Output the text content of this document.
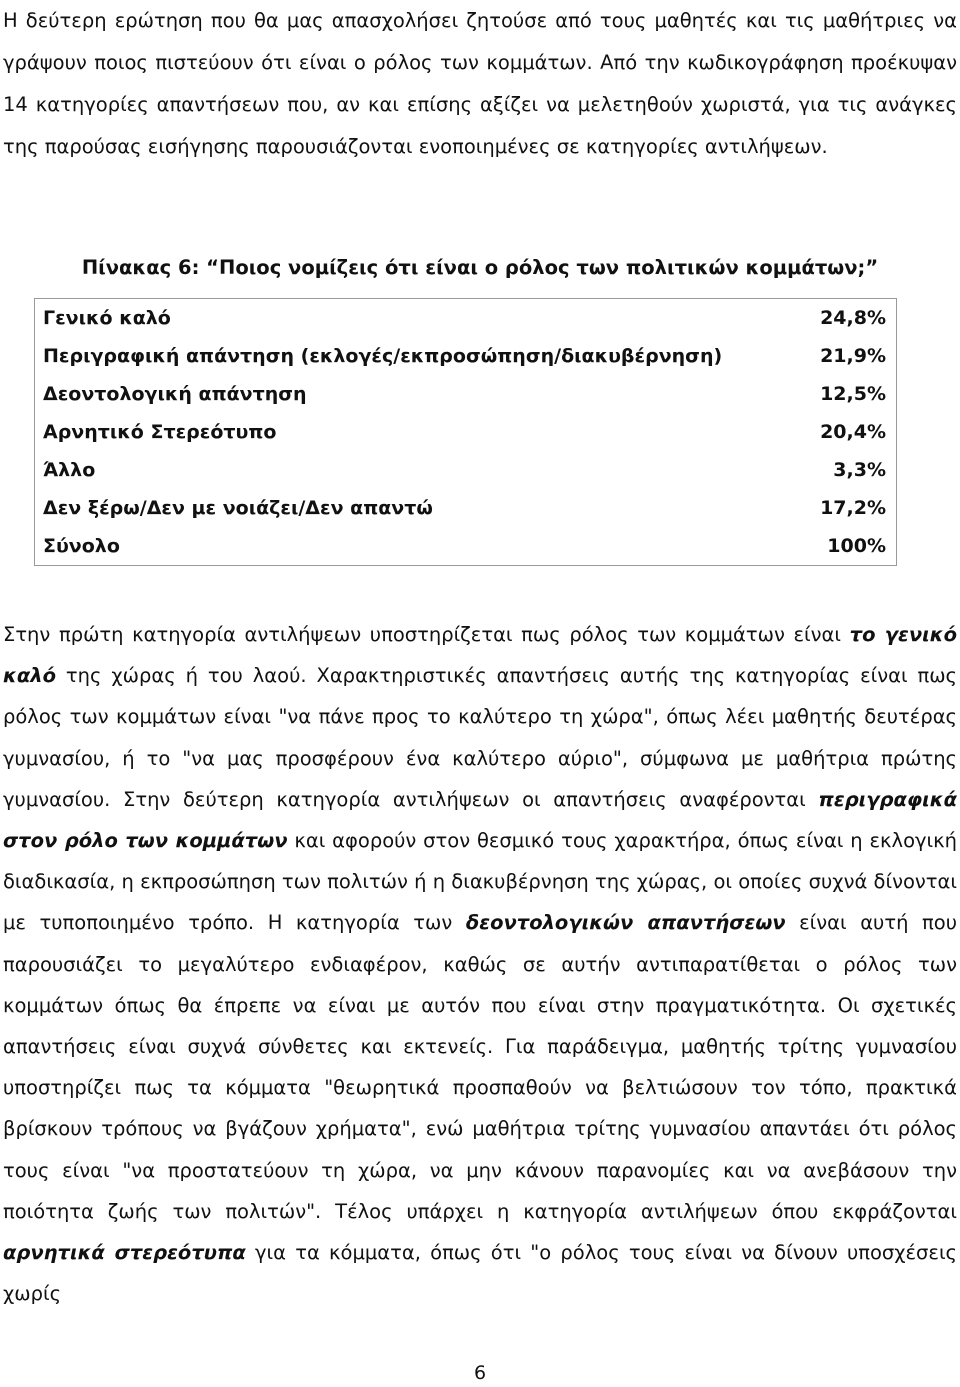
Η δεύτερη ερώτηση που θα μας απασχολήσει ζητούσε από τους μαθητές και τις μαθήτριες να γράψουν ποιος πιστεύουν ότι είναι ο ρόλος των κομμάτων. Από την κωδικογράφηση προέκυψαν 14 κατηγορίες απαντήσεων που, αν και επίσης αξίζει να μελετηθούν χωριστά, για τις ανάγκες της παρούσας εισήγησης παρουσιάζονται ενοποιημένες σε κατηγορίες αντιλήψεων.

Πίνακας 6: “Ποιος νομίζεις ότι είναι ο ρόλος των πολιτικών κομμάτων;”
Γενικό καλό	24,8%
Περιγραφική απάντηση (εκλογές/εκπροσώπηση/διακυβέρνηση)	21,9%
Δεοντολογική απάντηση	12,5%
Αρνητικό Στερεότυπο	20,4%
Άλλο	3,3%
Δεν ξέρω/Δεν με νοιάζει/Δεν απαντώ	17,2%
Σύνολο	100%

Στην πρώτη κατηγορία αντιλήψεων υποστηρίζεται πως ρόλος των κομμάτων είναι το γενικό καλό της χώρας ή του λαού. Χαρακτηριστικές απαντήσεις αυτής της κατηγορίας είναι πως ρόλος των κομμάτων είναι "να πάνε προς το καλύτερο τη χώρα", όπως λέει μαθητής δευτέρας γυμνασίου, ή το "να μας προσφέρουν ένα καλύτερο αύριο", σύμφωνα με μαθήτρια πρώτης γυμνασίου. Στην δεύτερη κατηγορία αντιλήψεων οι απαντήσεις αναφέρονται περιγραφικά στον ρόλο των κομμάτων και αφορούν στον θεσμικό τους χαρακτήρα, όπως είναι η εκλογική διαδικασία, η εκπροσώπηση των πολιτών ή η διακυβέρνηση της χώρας, οι οποίες συχνά δίνονται με τυποποιημένο τρόπο. Η κατηγορία των δεοντολογικών απαντήσεων είναι αυτή που παρουσιάζει το μεγαλύτερο ενδιαφέρον, καθώς σε αυτήν αντιπαρατίθεται ο ρόλος των κομμάτων όπως θα έπρεπε να είναι με αυτόν που είναι στην πραγματικότητα. Οι σχετικές απαντήσεις είναι συχνά σύνθετες και εκτενείς. Για παράδειγμα, μαθητής τρίτης γυμνασίου υποστηρίζει πως τα κόμματα "θεωρητικά προσπαθούν να βελτιώσουν τον τόπο, πρακτικά βρίσκουν τρόπους να βγάζουν χρήματα", ενώ μαθήτρια τρίτης γυμνασίου απαντάει ότι ρόλος τους είναι "να προστατεύουν τη χώρα, να μην κάνουν παρανομίες και να ανεβάσουν την ποιότητα ζωής των πολιτών". Τέλος υπάρχει η κατηγορία αντιλήψεων όπου εκφράζονται αρνητικά στερεότυπα για τα κόμματα, όπως ότι "ο ρόλος τους είναι να δίνουν υποσχέσεις χωρίς

6
